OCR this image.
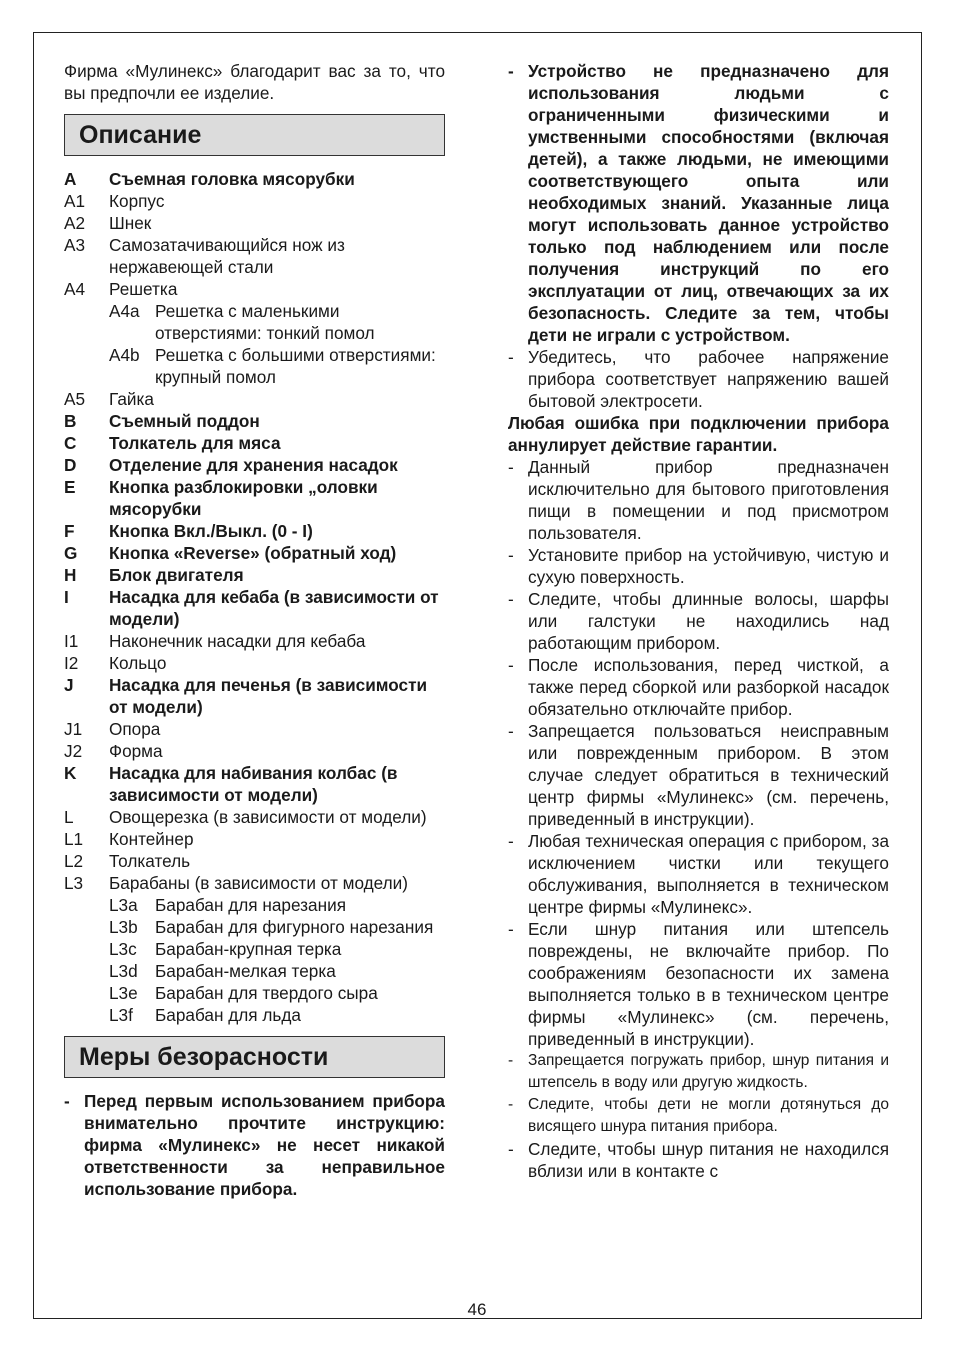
Фирма «Мулинекс» благодарит вас за то, что вы предпочли ее изделие.

Описание
A	Съемная головка мясорубки
A1	Корпус
A2	Шнек
A3	Самозатачивающийся нож из нержавеющей стали
A4	Решетка
A4a Решетка с маленькими отверстиями: тонкий помол
A4b Решетка с большими отверстиями: крупный помол
A5	Гайка
B	Съемный поддон
C	Толкатель для мяса
D	Отделение для хранения насадок
E	Кнопка разблокировки „оловки мясорубки
F	Кнопка Вкл./Выкл. (0 - I)
G	Кнопка «Reverse» (обратный ход)
H	Блок двигателя
I	Насадка для кебаба (в зависимости от модели)
I1	Наконечник насадки для кебаба
I2	Кольцо
J	Насадка для печенья (в зависимости от модели)
J1	Опора
J2	Форма
K	Насадка для набивания колбас (в зависимости от модели)
L	Овощерезка (в зависимости от модели)
L1	Контейнер
L2	Толкатель
L3	Барабаны (в зависимости от модели)
L3a	Барабан для нарезания
L3b	Барабан для фигурного нарезания
L3c	Барабан-крупная терка
L3d	Барабан-мелкая терка
L3e	Барабан для твердого сыра
L3f	Барабан для льда
Меры безорасности
- Перед первым использованием прибора внимательно прочтите инструкцию: фирма «Мулинекс» не несет никакой ответственности за неправильное использование прибора.
- Устройство не предназначено для использования людьми с ограниченными физическими и умственными способностями (включая детей), а также людьми, не имеющими соответствующего опыта или необходимых знаний. Указанные лица могут использовать данное устройство только под наблюдением или после получения инструкций по его эксплуатации от лиц, отвечающих за их безопасность. Следите за тем, чтобы дети не играли с устройством.
- Убедитесь, что рабочее напряжение прибора соответствует напряжению вашей бытовой электросети.

Любая ошибка при подключении прибора аннулирует действие гарантии.

- Данный прибор предназначен исключительно для бытового приготовления пищи в помещении и под присмотром пользователя.
- Установите прибор на устойчивую, чистую и сухую поверхность.
- Следите, чтобы длинные волосы, шарфы или галстуки не находились над работающим прибором.
- После использования, перед чисткой, а также перед сборкой или разборкой насадок обязательно отключайте прибор.
- Запрещается пользоваться неисправным или поврежденным прибором. В этом случае следует обратиться в технический центр фирмы «Мулинекс» (см. перечень, приведенный в инструкции).
- Любая техническая операция с прибором, за исключением чистки или текущего обслуживания, выполняется в техническом центре фирмы «Мулинекс».
- Если шнур питания или штепсель повреждены, не включайте прибор. По соображениям безопасности их замена выполняется только в в техническом центре фирмы «Мулинекс» (см. перечень, приведенный в инструкции).
- Запрещается погружать прибор, шнур питания и штепсель в воду или другую жидкость.
- Следите, чтобы дети не могли дотянуться до висящего шнура питания прибора.
- Следите, чтобы шнур питания не находился вблизи или в контакте с
46
